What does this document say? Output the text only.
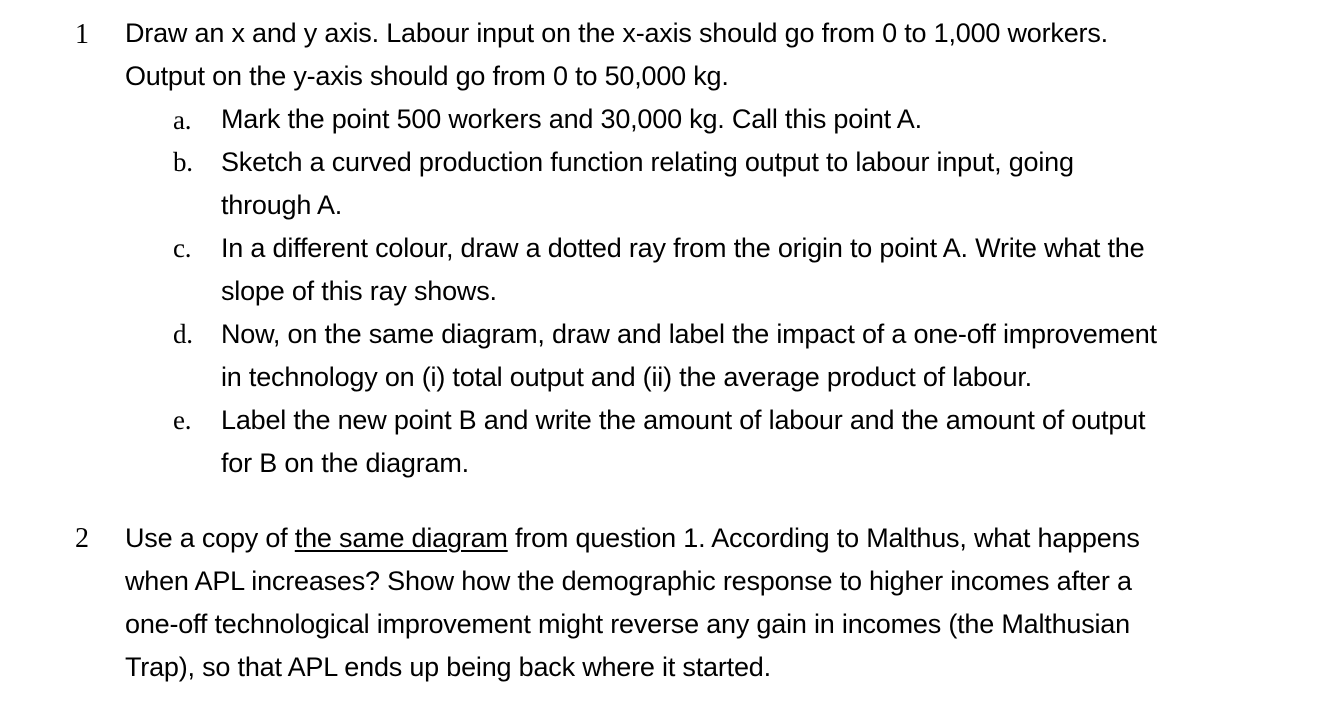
1 Draw an x and y axis. Labour input on the x-axis should go from 0 to 1,000 workers.
Output on the y-axis should go from 0 to 50,000 kg.
a. Mark the point 500 workers and 30,000 kg. Call this point A.
b. Sketch a curved production function relating output to labour input, going
through A.
c. In a different colour, draw a dotted ray from the origin to point A. Write what the
slope of this ray shows.
d. Now, on the same diagram, draw and label the impact of a one-off improvement
in technology on (i) total output and (ii) the average product of labour.
e. Label the new point B and write the amount of labour and the amount of output
for B on the diagram.
2 Use a copy of the same diagram from question 1. According to Malthus, what happens
when APL increases? Show how the demographic response to higher incomes after a
one-off technological improvement might reverse any gain in incomes (the Malthusian
Trap), so that APL ends up being back where it started.
